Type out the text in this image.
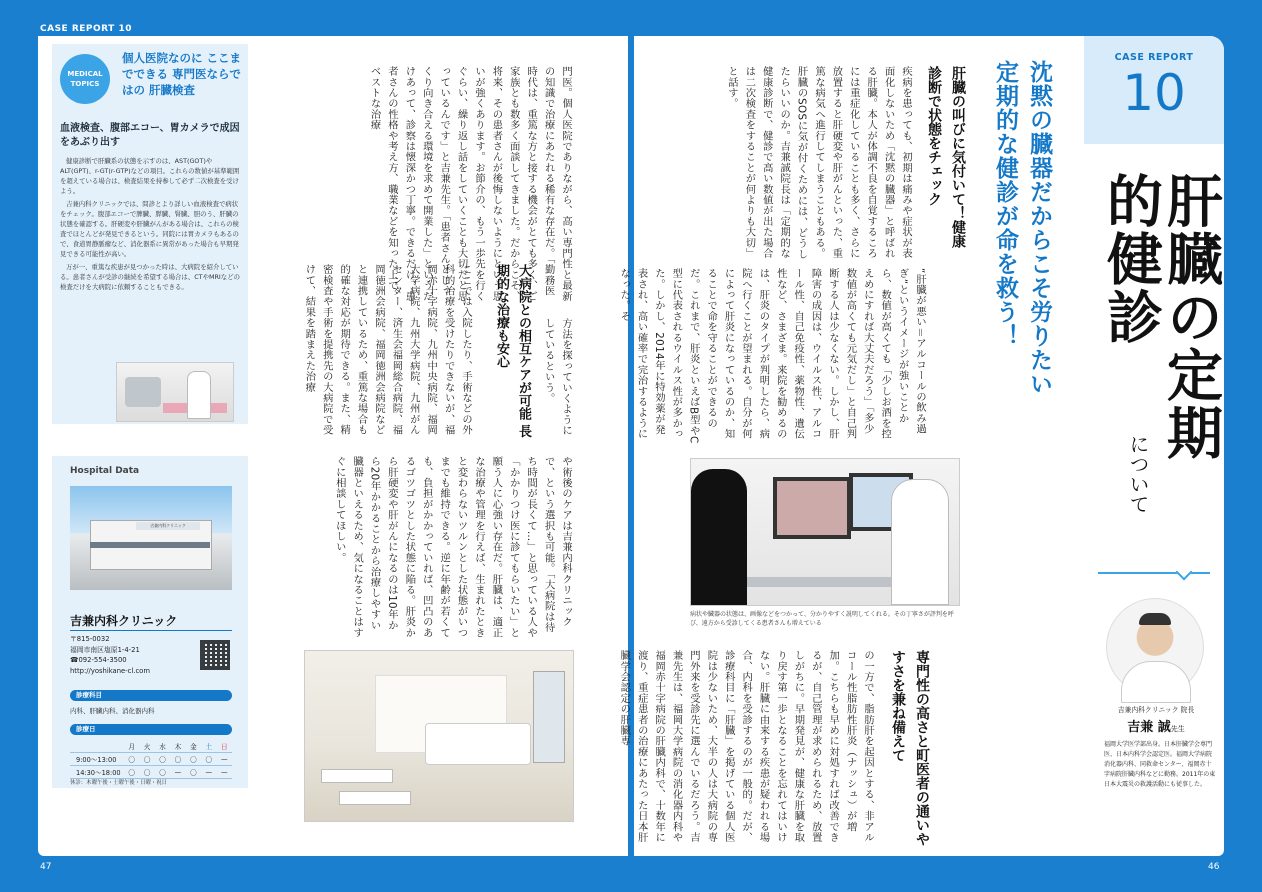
CASE REPORT 10
47	46
MEDICAL TOPICS
個人医院なのに ここまでできる 専門医ならではの 肝臓検査
血液検査、腹部エコー、胃カメラで成因をあぶり出す

健康診断で肝臓系の状態を示すのは、AST(GOT)やALT(GPT)、r-GT(r-GTP)などの項目。これらの数値が基準範囲を超えている場合は、検査結果を持参して必ず二次検査を受けよう。

吉兼内科クリニックでは、問診とより詳しい血液検査で病状をチェック。腹部エコーで脾臓、膵臓、腎臓、胆のう、肝臓の状態を確認する。肝硬変や肝臓がんがある場合は、これらの検査でほとんどが発見できるという。同院には胃カメラもあるので、食道胃静脈瘤など、消化器系に異常があった場合も早期発見できる可能性が高い。

万が一、重篤な疾患が見つかった時は、大病院を紹介している。患者さんが受診の継続を希望する場合は、CTやMRIなどの検査だけを大病院に依頼することもできる。

Hospital Data
吉兼内科クリニック
吉兼内科クリニック
〒815-0032
福岡市南区塩原1-4-21
☎092-554-3500
http://yoshikane-cl.com
診療科目
内科、肝臓内科、消化器内科
診療日
	月	火	水	木	金	土	日
9:00〜13:00	〇	〇	〇	〇	〇	〇	—
14:30〜18:00	〇	〇	〇	—	〇	—	—
休診：木曜午後・土曜午後・日曜・祝日
門医。個人医院でありながら、高い専門性と最新の知識で治療にあたれる稀有な存在だ。「勤務医時代は、重篤な方と接する機会がとても多く、ご家族とも数多く面談してきました。だからこそ、将来、その患者さんが後悔しないようにという思いが強くあります。お節介の、もう一歩先を行くぐらい、繰り返し話をしていくことも大切だと思っているんです」と吉兼先生。「患者さんとじっくり向き合える環境を求めて開業した」というだけあって、診察は懐深かつ丁寧。できるだけ、患者さんの性格や考え方、職業などを知った上で、ベストな治療
方法を探っていくようにしているという。
大病院との相互ケアが可能 長期的な治療も安心
ここでは入院したり、手術などの外科的治療を受けたりできないが、福岡赤十字病院、九州中央病院、福岡大学病院、九州大学病院、九州がんセンター、済生会福岡総合病院、福岡徳洲会病院、福岡徳洲会病院などと連携しているため、重篤な場合も的確な対応が期待できる。また、精密検査や手術を提携先の大病院で受けて、結果を踏まえた治療
や術後のケアは吉兼内科クリニックで、という選択も可能。「大病院は待ち時間が長くて…」と思っている人や「かかりつけ医に診てもらいたい」と願う人に心強い存在だ。肝臓は、適正な治療や管理を行えば、生まれたときと変わらないツルンとした状態がいつまでも維持できる。逆に年齢が若くても、負担がかかっていれば、凹凸のあるゴツゴツとした状態に陥る。肝炎から肝硬変や肝がんになるのは10年から20年かかることから治療しやすい臓器といえるため、気になることはすぐに相談してほしい。
肝臓の叫びに気付いて！健康診断で状態をチェック
疾病を患っても、初期は痛みや症状が表面化しないため「沈黙の臓器」と呼ばれる肝臓。本人が体調不良を自覚するころには重症化していることも多く、さらに放置すると肝硬変や肝がんといった、重篤な病気へ進行してしまうこともある。肝臓のSOSに気が付くためには、どうしたらいいのか。吉兼誠院長は「定期的な健康診断で、健診で高い数値が出た場合は二次検査をすることが何よりも大切」と話す。
“肝臓が悪い＝アルコールの飲み過ぎ”というイメージが強いことから、数値が高くても「少しお酒を控えめにすれば大丈夫だろう」「多少数値が高くても元気だし」と自己判断する人は少なくない。しかし、肝障害の成因は、ウイルス性、アルコール性、自己免疫性、薬物性、遺伝性など、さまざま。来院を勧めるのは、肝炎のタイプが判明したら、病院へ行くことが望まれる。自分が何によって肝炎になっているのか、知ることで命を守ることができるのだ。これまで、肝炎といえばB型やC型に代表されるウイルス性が多かった。しかし、2014年に特効薬が発表され、高い確率で完治するようになった。そ
病状や臓器の状態は、画像などをつかって、分かりやすく説明してくれる。その丁寧さが評判を呼び、遠方から受診してくる患者さんも増えている
専門性の高さと町医者の通いやすさを兼ね備えて
の一方で、脂肪肝を起因とする、非アルコール性脂肪性肝炎（ナッシュ）が増加。こちらも早めに対処すれば改善できるが、自己管理が求められるため、放置しがちに。早期発見が、健康な肝臓を取り戻す第一歩となることを忘れてはいけない。肝臓に由来する疾患が疑われる場合、内科を受診するのが一般的。だが、診療科目に「肝臓」を掲げている個人医院は少ないため、大半の人は大病院の専門外来を受診先に選んでいるだろう。吉兼先生は、福岡大学病院の消化器内科や福岡赤十字病院の肝臓内科で、十数年に渡り、重症患者の治療にあたった日本肝臓学会認定の肝臓専
沈黙の臓器だからこそ労りたい
定期的な健診が命を救う！
CASE REPORT
10
肝臓の定期的健診
について
吉兼内科クリニック 院長
吉兼 誠先生
福岡大学医学部出身。日本肝臓学会専門医、日本内科学会認定医。福岡大学病院消化器内科、同救命センター、福岡赤十字病院肝臓内科などに勤務。2011年の東日本大震災の救護活動にも従事した。
